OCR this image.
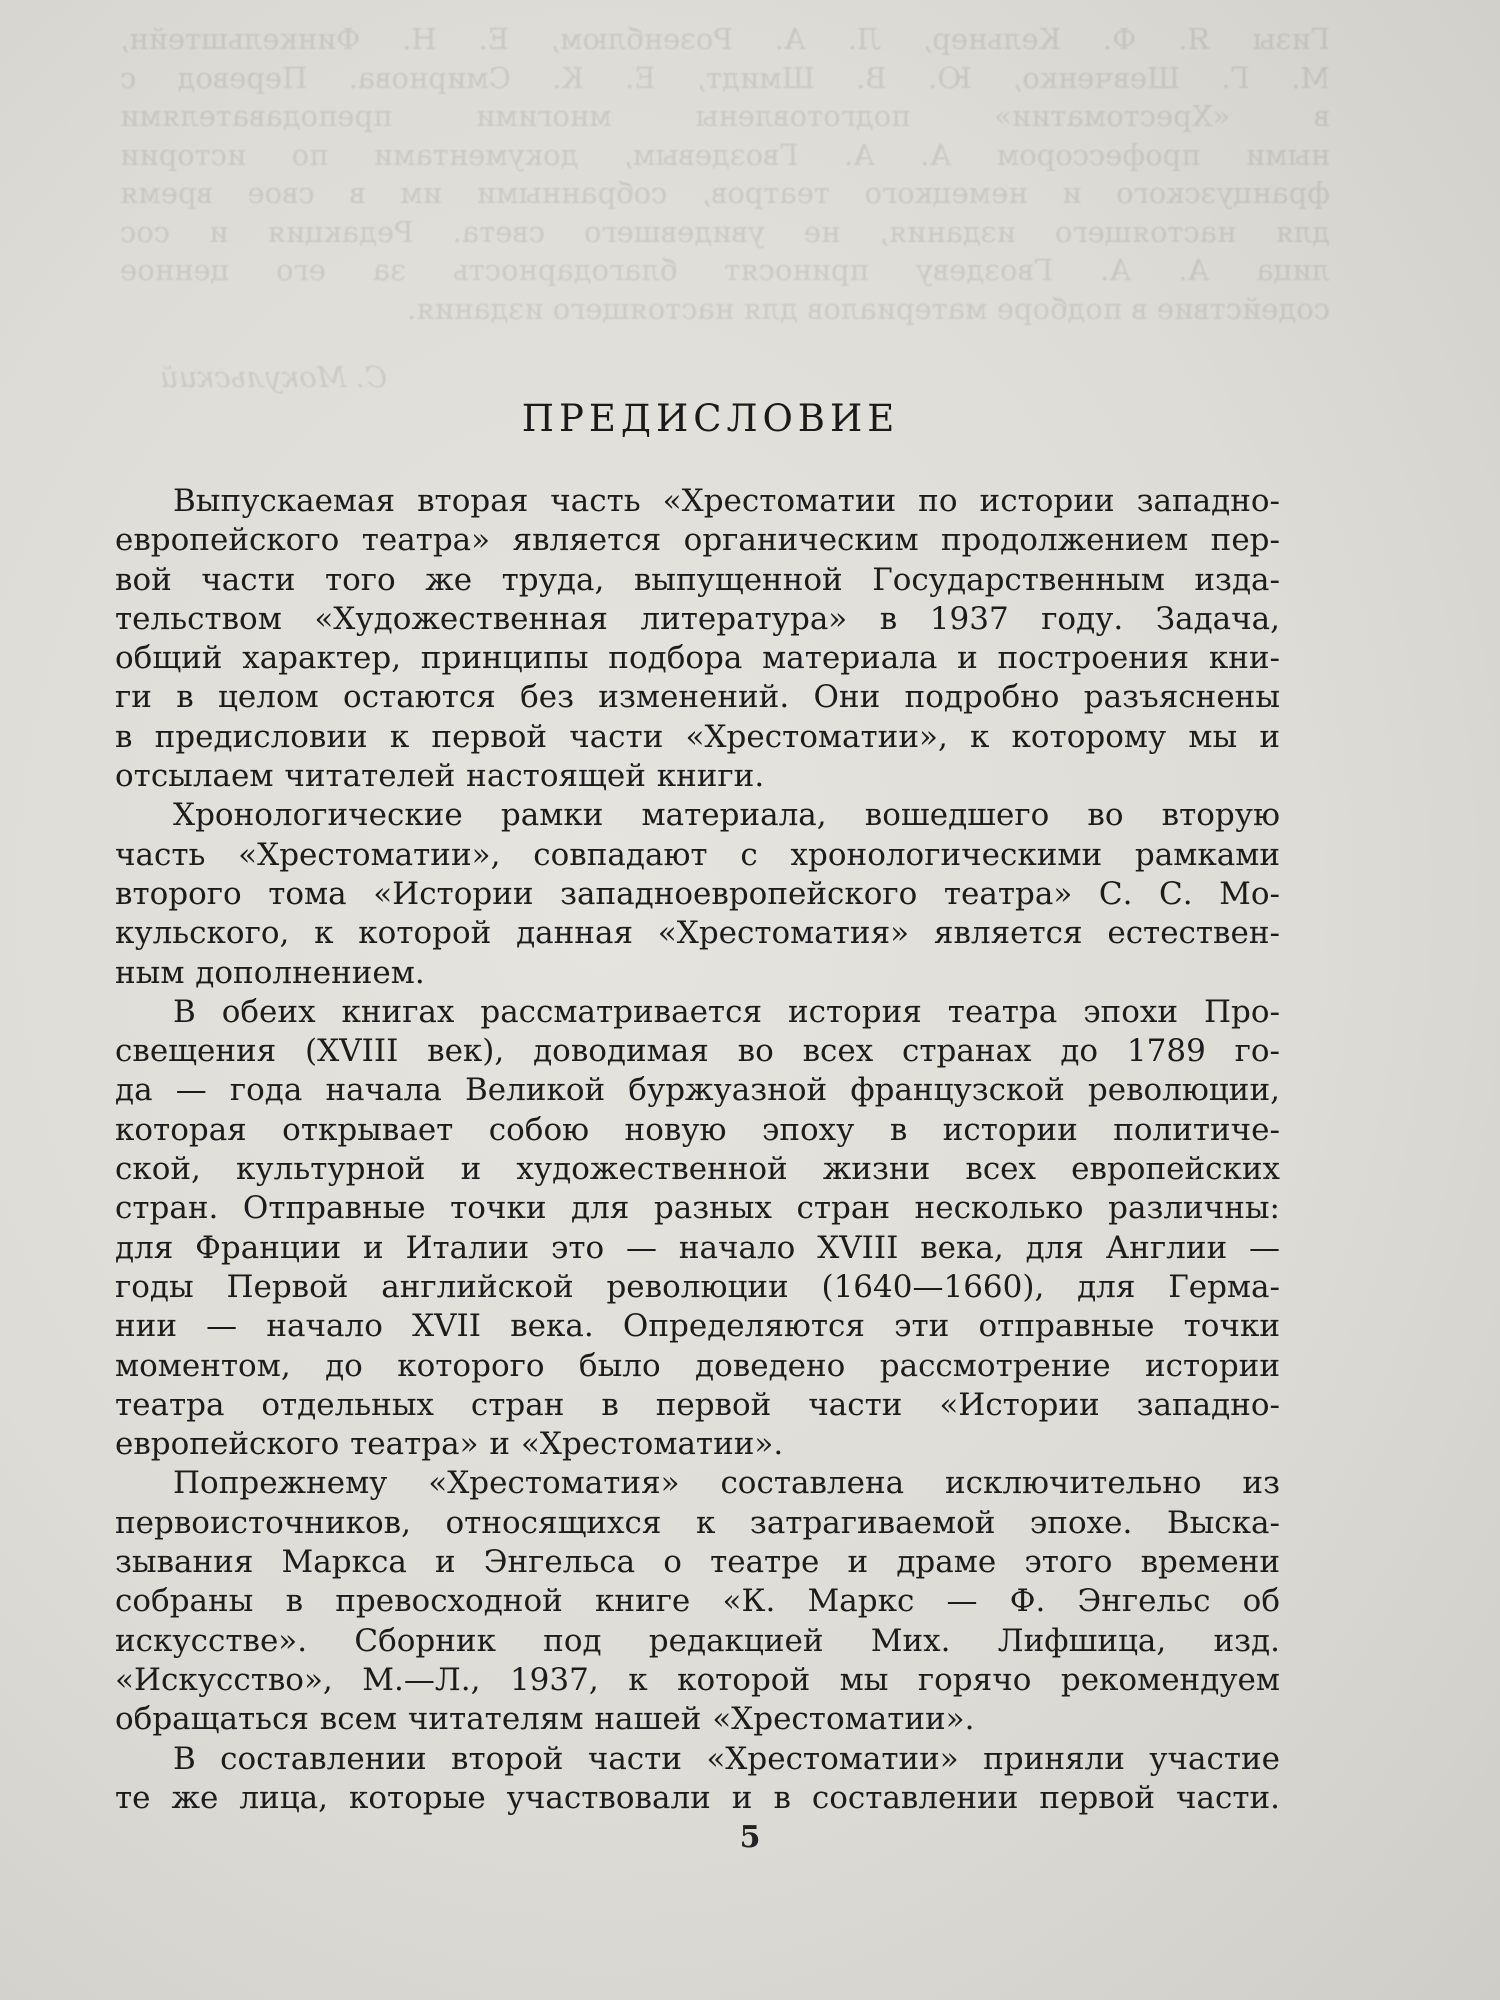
Гизы Я. Ф. Кельнер, Л. А. Розенблюм, Е. Н. Финкельштейн,

М. Г. Шевченко, Ю. В. Шмидт, Е. К. Смирнова. Перевод с

в «Хрестоматии» подготовлены многими преподавателями

ными профессором А. А. Гвоздевым, документами по истории

французского и немецкого театров, собранными им в свое время

для настоящего издания, не увидевшего света. Редакция и сос

лица А. А. Гвоздеву приносят благодарность за его ценное

содействие в подборе материалов для настоящего издания.

С. Мокульский

ПРЕДИСЛОВИЕ

Выпускаемая вторая часть «Хрестоматии по истории западно-
европейского театра» является органическим продолжением пер-
вой части того же труда, выпущенной Государственным изда-
тельством «Художественная литература» в 1937 году. Задача,
общий характер, принципы подбора материала и построения кни-
ги в целом остаются без изменений. Они подробно разъяснены
в предисловии к первой части «Хрестоматии», к которому мы и
отсылаем читателей настоящей книги.

Хронологические рамки материала, вошедшего во вторую
часть «Хрестоматии», совпадают с хронологическими рамками
второго тома «Истории западноевропейского театра» С. С. Мо-
кульского, к которой данная «Хрестоматия» является естествен-
ным дополнением.

В обеих книгах рассматривается история театра эпохи Про-
свещения (XVIII век), доводимая во всех странах до 1789 го-
да — года начала Великой буржуазной французской революции,
которая открывает собою новую эпоху в истории политиче-
ской, культурной и художественной жизни всех европейских
стран. Отправные точки для разных стран несколько различны:
для Франции и Италии это — начало XVIII века, для Англии —
годы Первой английской революции (1640—1660), для Герма-
нии — начало XVII века. Определяются эти отправные точки
моментом, до которого было доведено рассмотрение истории
театра отдельных стран в первой части «Истории западно-
европейского театра» и «Хрестоматии».

Попрежнему «Хрестоматия» составлена исключительно из
первоисточников, относящихся к затрагиваемой эпохе. Выска-
зывания Маркса и Энгельса о театре и драме этого времени
собраны в превосходной книге «К. Маркс — Ф. Энгельс об
искусстве». Сборник под редакцией Мих. Лифшица, изд.
«Искусство», М.—Л., 1937, к которой мы горячо рекомендуем
обращаться всем читателям нашей «Хрестоматии».

В составлении второй части «Хрестоматии» приняли участие
те же лица, которые участвовали и в составлении первой части.

5
